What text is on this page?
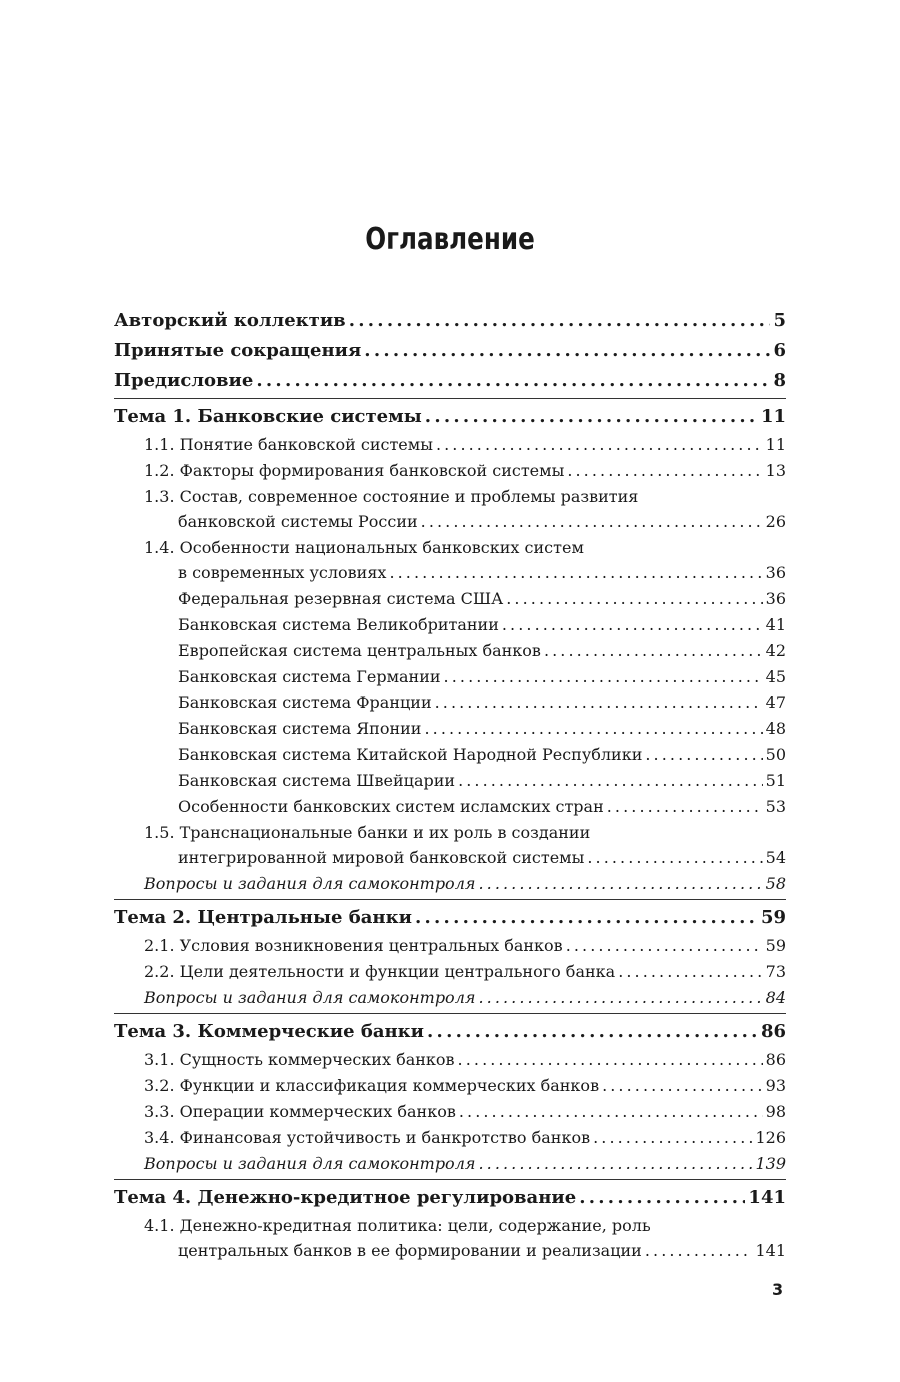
Оглавление
Авторский коллектив . . .	5
Принятые сокращения . . .	6
Предисловие . . .	8
Тема 1. Банковские системы . . .	11
1.1. Понятие банковской системы . . .	11
1.2. Факторы формирования банковской системы . . .	13
1.3. Состав, современное состояние и проблемы развития
банковской системы России . . .	26
1.4. Особенности национальных банковских систем
в современных условиях . . .	36
Федеральная резервная система США . . .	36
Банковская система Великобритании . . .	41
Европейская система центральных банков . . .	42
Банковская система Германии . . .	45
Банковская система Франции . . .	47
Банковская система Японии . . .	48
Банковская система Китайской Народной Республики . . .	50
Банковская система Швейцарии . . .	51
Особенности банковских систем исламских стран . . .	53
1.5. Транснациональные банки и их роль в создании
интегрированной мировой банковской системы . . .	54
Вопросы и задания для самоконтроля . . .	58
Тема 2. Центральные банки . . .	59
2.1. Условия возникновения центральных банков . . .	59
2.2. Цели деятельности и функции центрального банка . . .	73
Вопросы и задания для самоконтроля . . .	84
Тема 3. Коммерческие банки . . .	86
3.1. Сущность коммерческих банков . . .	86
3.2. Функции и классификация коммерческих банков . . .	93
3.3. Операции коммерческих банков . . .	98
3.4. Финансовая устойчивость и банкротство банков . . .	126
Вопросы и задания для самоконтроля . . .	139
Тема 4. Денежно-кредитное регулирование . . .	141
4.1. Денежно-кредитная политика: цели, содержание, роль
центральных банков в ее формировании и реализации . . .	141
3
